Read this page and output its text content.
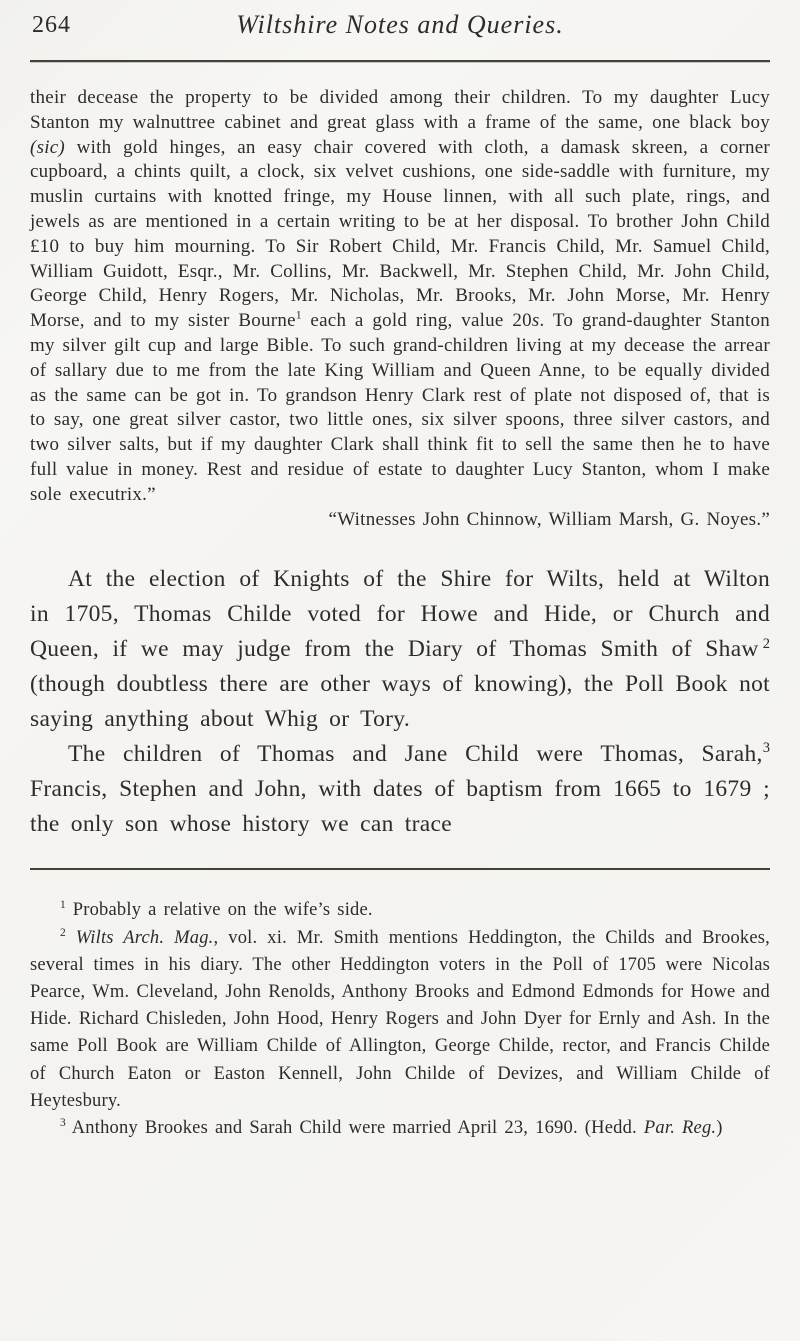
264	Wiltshire Notes and Queries.

their decease the property to be divided among their children. To my daughter Lucy Stanton my walnuttree cabinet and great glass with a frame of the same, one black boy (sic) with gold hinges, an easy chair covered with cloth, a damask skreen, a corner cupboard, a chints quilt, a clock, six velvet cushions, one side-saddle with furniture, my muslin curtains with knotted fringe, my House linnen, with all such plate, rings, and jewels as are mentioned in a certain writing to be at her disposal. To brother John Child £10 to buy him mourning. To Sir Robert Child, Mr. Francis Child, Mr. Samuel Child, William Guidott, Esqr., Mr. Collins, Mr. Backwell, Mr. Stephen Child, Mr. John Child, George Child, Henry Rogers, Mr. Nicholas, Mr. Brooks, Mr. John Morse, Mr. Henry Morse, and to my sister Bourne$^1$ each a gold ring, value 20s. To grand-daughter Stanton my silver gilt cup and large Bible. To such grand-children living at my decease the arrear of sallary due to me from the late King William and Queen Anne, to be equally divided as the same can be got in. To grandson Henry Clark rest of plate not disposed of, that is to say, one great silver castor, two little ones, six silver spoons, three silver castors, and two silver salts, but if my daughter Clark shall think fit to sell the same then he to have full value in money. Rest and residue of estate to daughter Lucy Stanton, whom I make sole executrix.”

“Witnesses John Chinnow, William Marsh, G. Noyes.”

At the election of Knights of the Shire for Wilts, held at Wilton in 1705, Thomas Childe voted for Howe and Hide, or Church and Queen, if we may judge from the Diary of Thomas Smith of Shaw $^2$ (though doubtless there are other ways of knowing), the Poll Book not saying anything about Whig or Tory.

The children of Thomas and Jane Child were Thomas, Sarah,$^3$ Francis, Stephen and John, with dates of baptism from 1665 to 1679 ; the only son whose history we can trace

$^1$ Probably a relative on the wife’s side.

$^2$ Wilts Arch. Mag., vol. xi. Mr. Smith mentions Heddington, the Childs and Brookes, several times in his diary. The other Heddington voters in the Poll of 1705 were Nicolas Pearce, Wm. Cleveland, John Renolds, Anthony Brooks and Edmond Edmonds for Howe and Hide. Richard Chisleden, John Hood, Henry Rogers and John Dyer for Ernly and Ash. In the same Poll Book are William Childe of Allington, George Childe, rector, and Francis Childe of Church Eaton or Easton Kennell, John Childe of Devizes, and William Childe of Heytesbury.

$^3$ Anthony Brookes and Sarah Child were married April 23, 1690. (Hedd. Par. Reg.)
